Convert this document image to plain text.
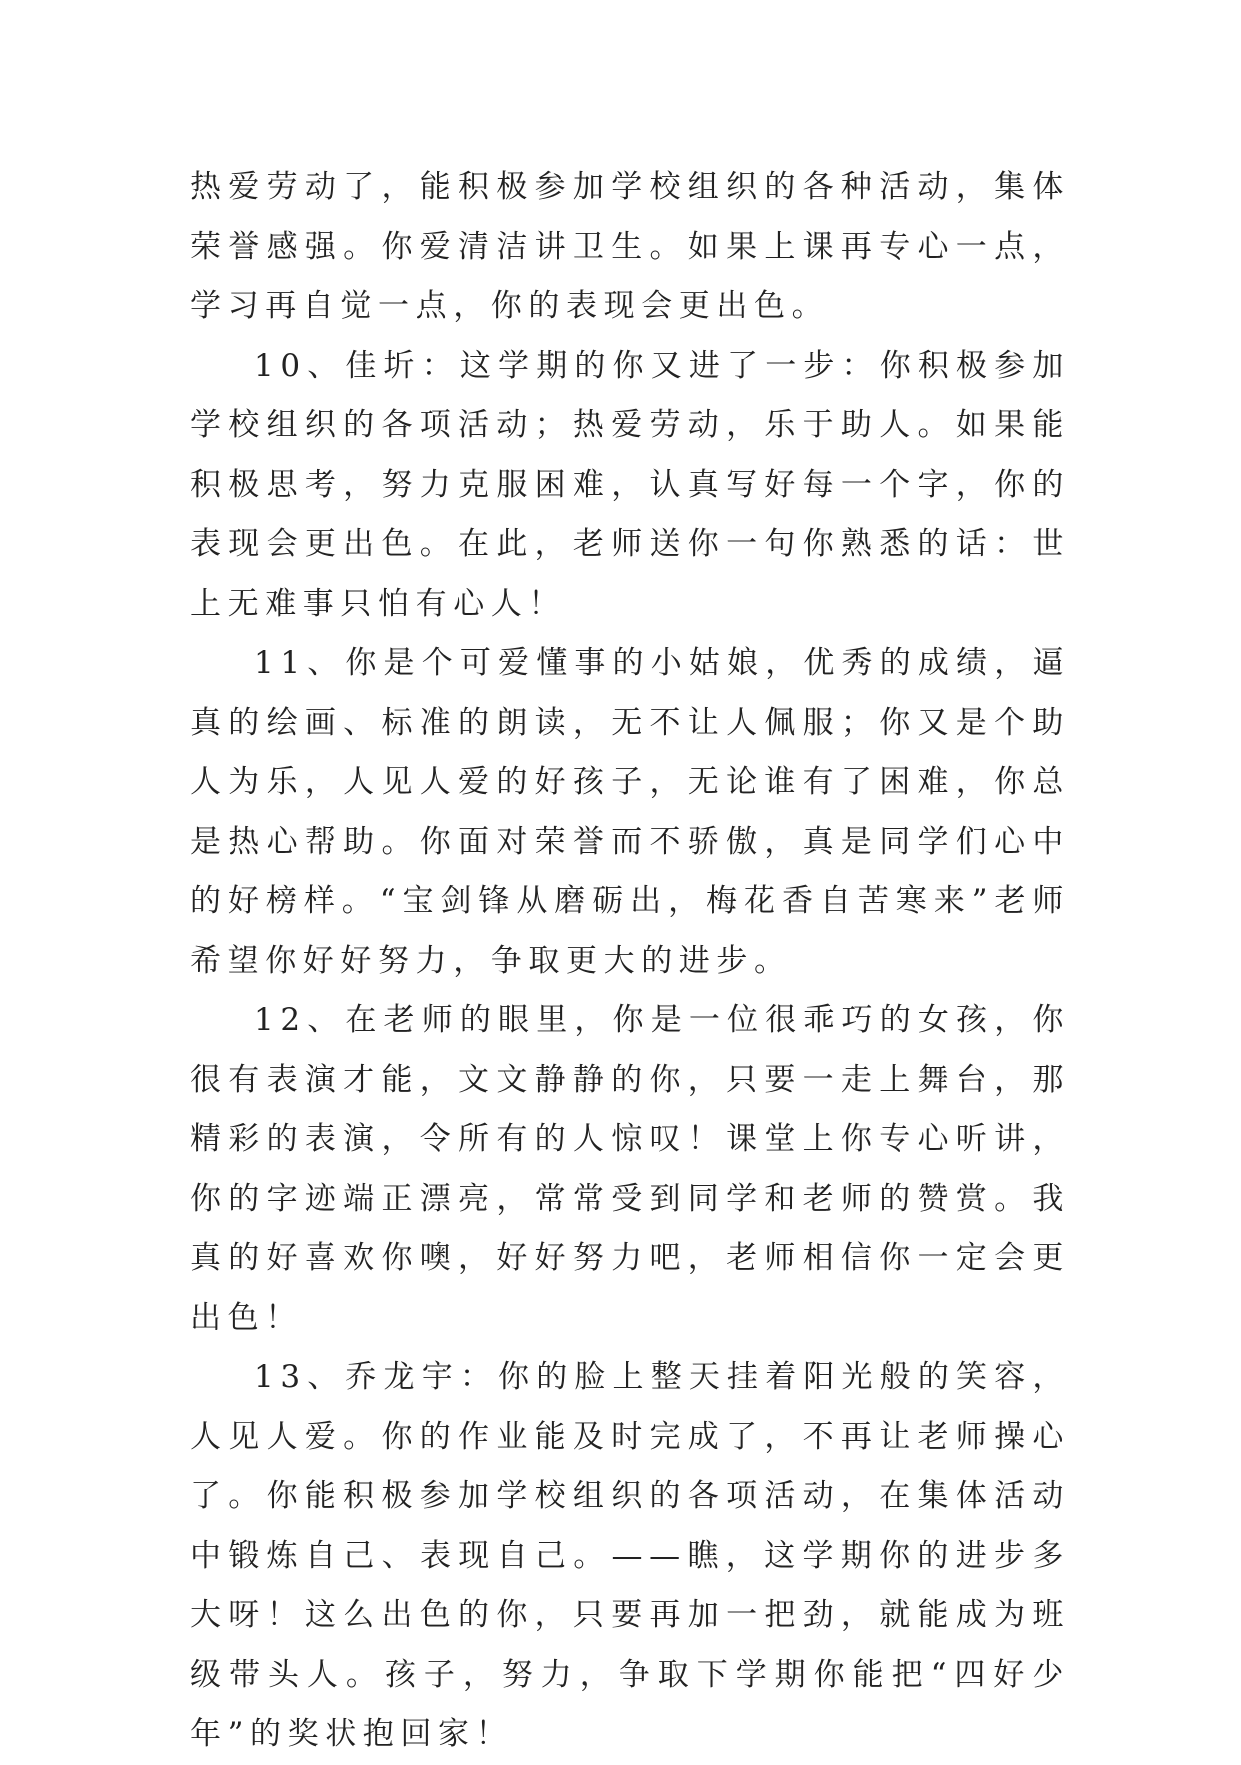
热爱劳动了，能积极参加学校组织的各种活动，集体荣誉感强。你爱清洁讲卫生。如果上课再专心一点，学习再自觉一点，你的表现会更出色。

10、佳圻：这学期的你又进了一步：你积极参加学校组织的各项活动；热爱劳动，乐于助人。如果能积极思考，努力克服困难，认真写好每一个字，你的表现会更出色。在此，老师送你一句你熟悉的话：世上无难事只怕有心人！

11、你是个可爱懂事的小姑娘，优秀的成绩，逼真的绘画、标准的朗读，无不让人佩服；你又是个助人为乐，人见人爱的好孩子，无论谁有了困难，你总是热心帮助。你面对荣誉而不骄傲，真是同学们心中的好榜样。“宝剑锋从磨砺出，梅花香自苦寒来”老师希望你好好努力，争取更大的进步。

12、在老师的眼里，你是一位很乖巧的女孩，你很有表演才能，文文静静的你，只要一走上舞台，那精彩的表演，令所有的人惊叹！课堂上你专心听讲，你的字迹端正漂亮，常常受到同学和老师的赞赏。我真的好喜欢你噢，好好努力吧，老师相信你一定会更出色！

13、乔龙宇：你的脸上整天挂着阳光般的笑容，人见人爱。你的作业能及时完成了，不再让老师操心了。你能积极参加学校组织的各项活动，在集体活动中锻炼自己、表现自己。——瞧，这学期你的进步多大呀！这么出色的你，只要再加一把劲，就能成为班级带头人。孩子，努力，争取下学期你能把“四好少年”的奖状抱回家！
